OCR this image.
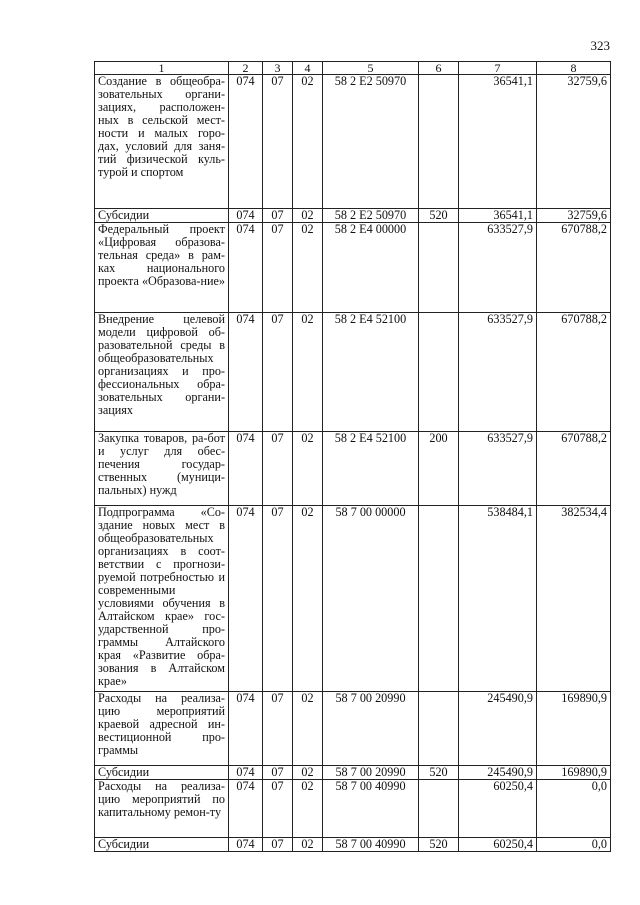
323
1	2	3	4	5	6	7	8
Создание в общеобра-зовательных органи-зациях, расположен-ных в сельской мест-ности и малых горо-дах, условий для заня-тий физической куль-турой и спортом	074	07	02	58 2 E2 50970		36541,1	32759,6
Субсидии	074	07	02	58 2 E2 50970	520	36541,1	32759,6
Федеральный проект «Цифровая образова-тельная среда» в рам-ках национального проекта «Образова-ние»	074	07	02	58 2 E4 00000		633527,9	670788,2
Внедрение целевой модели цифровой об-разовательной среды в общеобразовательных организациях и про-фессиональных обра-зовательных органи-зациях	074	07	02	58 2 E4 52100		633527,9	670788,2
Закупка товаров, ра-бот и услуг для обес-печения государ-ственных (муници-пальных) нужд	074	07	02	58 2 E4 52100	200	633527,9	670788,2
Подпрограмма «Со-здание новых мест в общеобразовательных организациях в соот-ветствии с прогнози-руемой потребностью и современными условиями обучения в Алтайском крае» гос-ударственной про-граммы Алтайского края «Развитие обра-зования в Алтайском крае»	074	07	02	58 7 00 00000		538484,1	382534,4
Расходы на реализа-цию мероприятий краевой адресной ин-вестиционной про-граммы	074	07	02	58 7 00 20990		245490,9	169890,9
Субсидии	074	07	02	58 7 00 20990	520	245490,9	169890,9
Расходы на реализа-цию мероприятий по капитальному ремон-ту	074	07	02	58 7 00 40990		60250,4	0,0
Субсидии	074	07	02	58 7 00 40990	520	60250,4	0,0
